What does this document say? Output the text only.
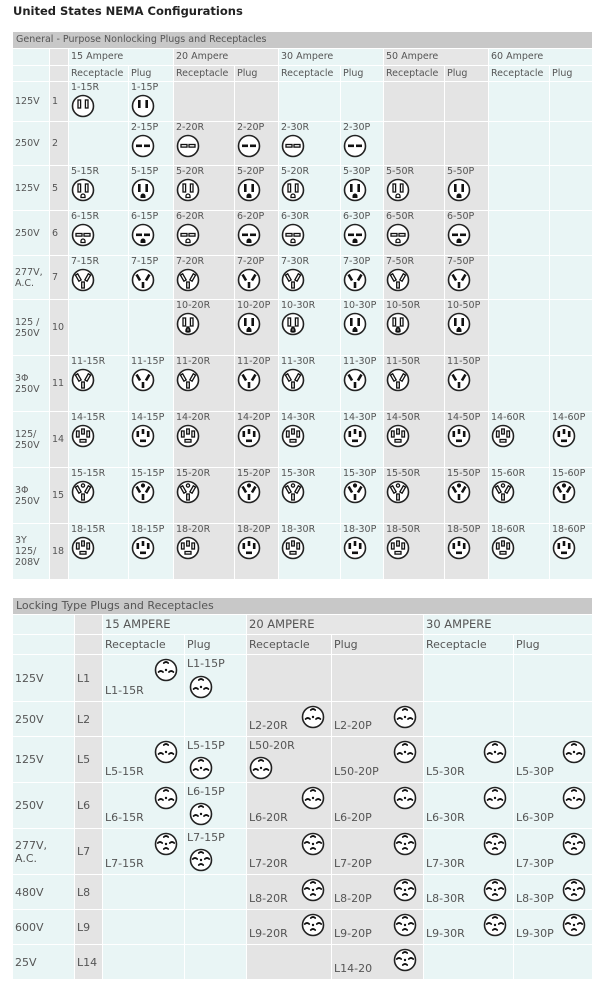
United States NEMA Configurations
General - Purpose Nonlocking Plugs and Receptacles											
		15 Ampere		20 Ampere		30 Ampere		50 Ampere		60 Ampere	
		Receptacle	Plug	Receptacle	Plug	Receptacle	Plug	Receptacle	Plug	Receptacle	Plug
125V	1	1-15R	1-15P								

250V	2		2-15P	2-20R	2-20P	2-30R	2-30P				

125V	5	5-15R	5-15P	5-20R	5-20P	5-20R	5-30P	5-50R	5-50P		

250V	6	6-15R	6-15P	6-20R	6-20P	6-30R	6-30P	6-50R	6-50P		

277V, A.C.	7	7-15R	7-15P	7-20R	7-20P	7-30R	7-30P	7-50R	7-50P		

125 / 250V	10			10-20R	10-20P	10-30R	10-30P	10-50R	10-50P		

3Φ 250V	11	11-15R	11-15P	11-20R	11-20P	11-30R	11-30P	11-50R	11-50P		

125/ 250V	14	14-15R	14-15P	14-20R	14-20P	14-30R	14-30P	14-50R	14-50P	14-60R	14-60P

3Φ 250V	15	15-15R	15-15P	15-20R	15-20P	15-30R	15-30P	15-50R	15-50P	15-60R	15-60P

3Y 125/ 208V	18	18-15R	18-15P	18-20R	18-20P	18-30R	18-30P	18-50R	18-50P	18-60R	18-60P
Locking Type Plugs and Receptacles							
		15 AMPERE		20 AMPERE		30 AMPERE	
		Receptacle	Plug	Receptacle	Plug	Receptacle	Plug
125V	L1	L1-15R	L1-15P				

250V	L2			L2-20R	L2-20P		

125V	L5	L5-15R	L5-15P	L50-20R	L50-20P	L5-30R	L5-30P

250V	L6	L6-15R	L6-15P	L6-20R	L6-20P	L6-30R	L6-30P

277V, A.C.	L7	L7-15R	L7-15P	L7-20R	L7-20P	L7-30R	L7-30P

480V	L8			L8-20R	L8-20P	L8-30R	L8-30P

600V	L9			L9-20R	L9-20P	L9-30R	L9-30P

25V	L14				L14-20		
